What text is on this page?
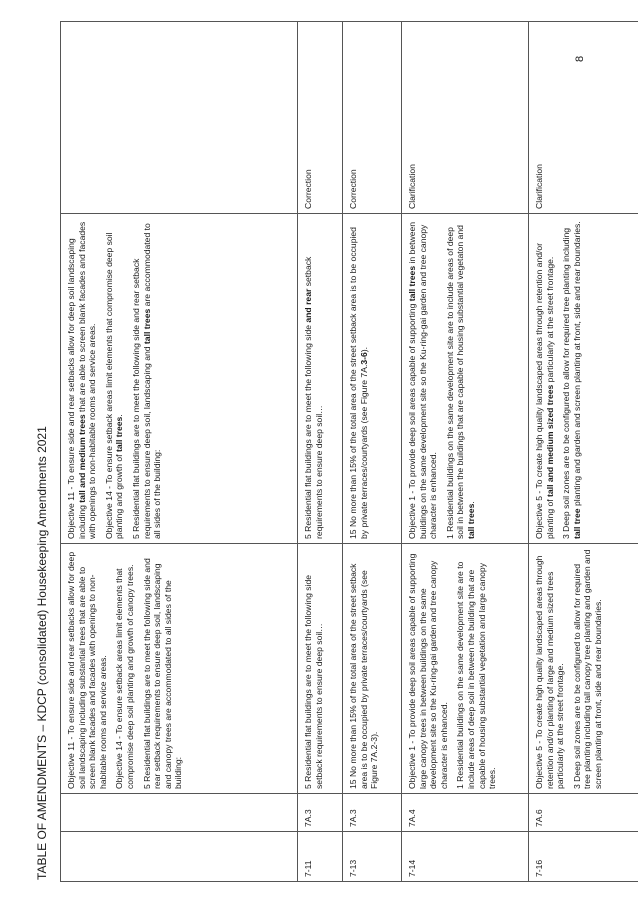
8
TABLE OF AMENDMENTS – KDCP (consolidated) Housekeeping Amendments 2021	Objective 11 - To ensure side and rear setbacks allow for deep soil landscaping including substantial trees that are able to screen blank facades and facades with openings to non-habitable rooms and service areas. Objective 14 - To ensure setback areas limit elements that compromise deep soil planting and growth of canopy trees. 5 Residential flat buildings are to meet the following side and rear setback requirements to ensure deep soil, landscaping and canopy trees are accommodated to all sides of the building:

Objective 11 - To ensure side and rear setbacks allow for deep soil landscaping including tall and medium trees that are able to screen blank facades and facades with openings to non-habitable rooms and service areas. Objective 14 - To ensure setback areas limit elements that compromise deep soil planting and growth of tall trees. 5 Residential flat buildings are to meet the following side and rear setback requirements to ensure deep soil, landscaping and tall trees are accommodated to all sides of the building:

7-11
7A.3

5 Residential flat buildings are to meet the following side setback requirements to ensure deep soil…

5 Residential flat buildings are to meet the following side and rear setback requirements to ensure deep soil…

Correction
7-13
7A.3

15 No more than 15% of the total area of the street setback area is to be occupied by private terraces/courtyards (see Figure 7A.2-3).

15 No more than 15% of the total area of the street setback area is to be occupied by private terraces/courtyards (see Figure 7A.3-6).

Correction
7-14
7A.4

Objective 1 - To provide deep soil areas capable of supporting large canopy trees in between buildings on the same development site so the Ku-ring-gai garden and tree canopy character is enhanced. 1 Residential buildings on the same development site are to include areas of deep soil in between the building that are capable of housing substantial vegetation and large canopy trees.

Objective 1 - To provide deep soil areas capable of supporting tall trees in between buildings on the same development site so the Ku-ring-gai garden and tree canopy character is enhanced. 1 Residential buildings on the same development site are to include areas of deep soil in between the buildings that are capable of housing substantial vegetaton and tall trees.

Clarification
7-16
7A.6

Objective 5 - To create high quality landscaped areas through retention and/or planting of large and medium sized trees particularly at the street frontage. 3 Deep soil zones are to be configured to allow for required tree planting including tall canopy tree planting and garden and screen planting at front, side and rear boundaries.

Objective 5 - To create high quality landscaped areas through retention and/or planting of tall and medium sized trees particularly at the street frontage. 3 Deep soil zones are to be configured to allow for required tree planting including tall tree planting and garden and screen planting at front, side and rear boundaries.

Clarification
